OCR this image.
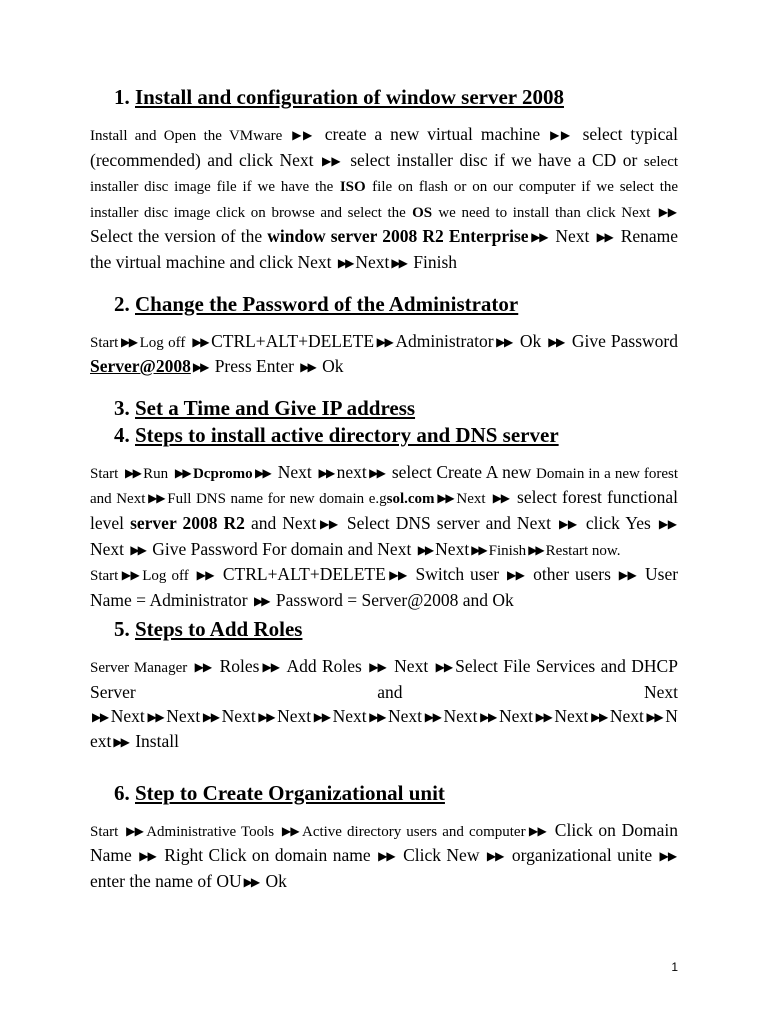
1. Install and configuration of window server 2008

Install and Open the VMware ▶▶ create a new virtual machine ▶▶ select typical (recommended) and click Next ▶▶ select installer disc if we have a CD or select installer disc image file if we have the ISO file on flash or on our computer if we select the installer disc image click on browse and select the OS we need to install than click Next ▶▶ Select the version of the window server 2008 R2 Enterprise ▶▶ Next ▶▶ Rename the virtual machine and click Next ▶▶ Next ▶▶ Finish

2. Change the Password of the Administrator

Start ▶▶ Log off ▶▶ CTRL+ALT+DELETE ▶▶ Administrator ▶▶ Ok ▶▶ Give Password Server@2008 ▶▶ Press Enter ▶▶ Ok

3. Set a Time and Give IP address
4. Steps to install active directory and DNS server

Start ▶▶ Run ▶▶ Dcpromo ▶▶ Next ▶▶ next ▶▶ select Create A new Domain in a new forest and Next ▶▶ Full DNS name for new domain e.gsol.com ▶▶ Next ▶▶ select forest functional level server 2008 R2 and Next ▶▶ Select DNS server and Next ▶▶ click Yes ▶▶ Next ▶▶ Give Password For domain and Next ▶▶ Next ▶▶ Finish ▶▶ Restart now.

Start ▶▶ Log off ▶▶ CTRL+ALT+DELETE ▶▶ Switch user ▶▶ other users ▶▶ User Name = Administrator ▶▶ Password = Server@2008 and Ok

5. Steps to Add Roles

Server Manager ▶▶ Roles ▶▶ Add Roles ▶▶ Next ▶▶ Select File Services and DHCP Server and Next ▶▶ Next ▶▶ Next ▶▶ Next ▶▶ Next ▶▶ Next ▶▶ Next ▶▶ Next ▶▶ Next ▶▶ Next ▶▶ Next ▶▶ N ext ▶▶ Install

6. Step to Create Organizational unit

Start ▶▶ Administrative Tools ▶▶ Active directory users and computer ▶▶ Click on Domain Name ▶▶ Right Click on domain name ▶▶ Click New ▶▶ organizational unite ▶▶ enter the name of OU ▶▶ Ok

1
